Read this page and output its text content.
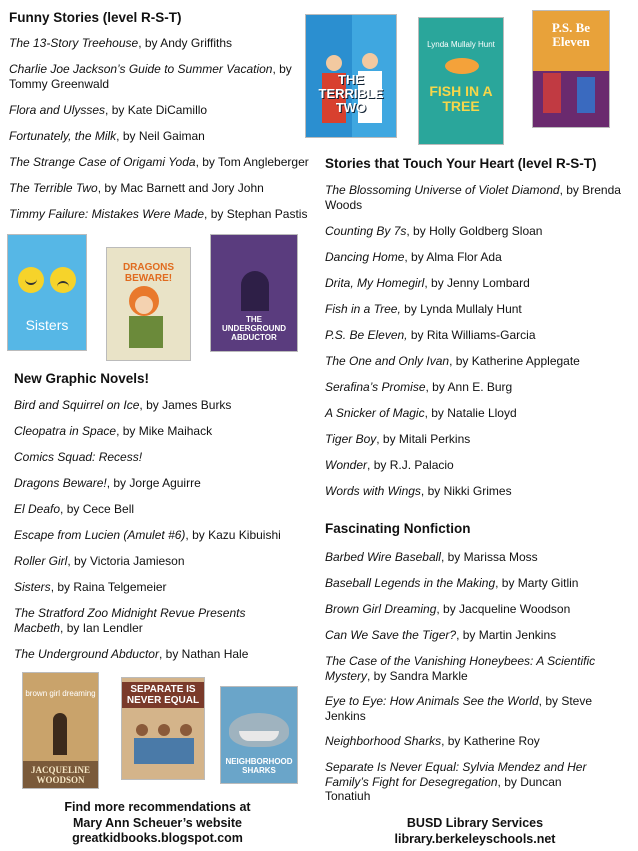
Funny Stories (level R-S-T)
New Graphic Novels!
Stories that Touch Your Heart (level R-S-T)
Fascinating Nonfiction
The 13-Story Treehouse, by Andy Griffiths
Charlie Joe Jackson’s Guide to Summer Vacation, by Tommy Greenwald
Flora and Ulysses, by Kate DiCamillo
Fortunately, the Milk, by Neil Gaiman
The Strange Case of Origami Yoda, by Tom Angleberger
The Terrible Two, by Mac Barnett and Jory John
Timmy Failure: Mistakes Were Made, by Stephan Pastis
Bird and Squirrel on Ice, by James Burks
Cleopatra in Space, by Mike Maihack
Comics Squad: Recess!
Dragons Beware!, by Jorge Aguirre
El Deafo, by Cece Bell
Escape from Lucien (Amulet #6), by Kazu Kibuishi
Roller Girl, by Victoria Jamieson
Sisters, by Raina Telgemeier
The Stratford Zoo Midnight Revue Presents Macbeth, by Ian Lendler
The Underground Abductor, by Nathan Hale
The Blossoming Universe of Violet Diamond, by Brenda Woods
Counting By 7s, by Holly Goldberg Sloan
Dancing Home, by Alma Flor Ada
Drita, My Homegirl, by Jenny Lombard
Fish in a Tree, by Lynda Mullaly Hunt
P.S. Be Eleven, by Rita Williams-Garcia
The One and Only Ivan, by Katherine Applegate
Serafina’s Promise, by Ann E. Burg
A Snicker of Magic, by Natalie Lloyd
Tiger Boy, by Mitali Perkins
Wonder, by R.J. Palacio
Words with Wings, by Nikki Grimes
Barbed Wire Baseball, by Marissa Moss
Baseball Legends in the Making, by Marty Gitlin
Brown Girl Dreaming, by Jacqueline Woodson
Can We Save the Tiger?, by Martin Jenkins
The Case of the Vanishing Honeybees: A Scientific Mystery, by Sandra Markle
Eye to Eye: How Animals See the World, by Steve Jenkins
Neighborhood Sharks, by Katherine Roy
Separate Is Never Equal: Sylvia Mendez and Her Family’s Fight for Desegregation, by Duncan Tonatiuh
THE TERRIBLE TWO
Lynda Mullaly Hunt
FISH IN A TREE
P.S. Be Eleven
Sisters
DRAGONS BEWARE!
THE UNDERGROUND ABDUCTOR
brown girl dreaming
JACQUELINE WOODSON
SEPARATE IS NEVER EQUAL
NEIGHBORHOOD SHARKS
Find more recommendations at
Mary Ann Scheuer’s website
greatkidbooks.blogspot.com
BUSD Library Services
library.berkeleyschools.net
